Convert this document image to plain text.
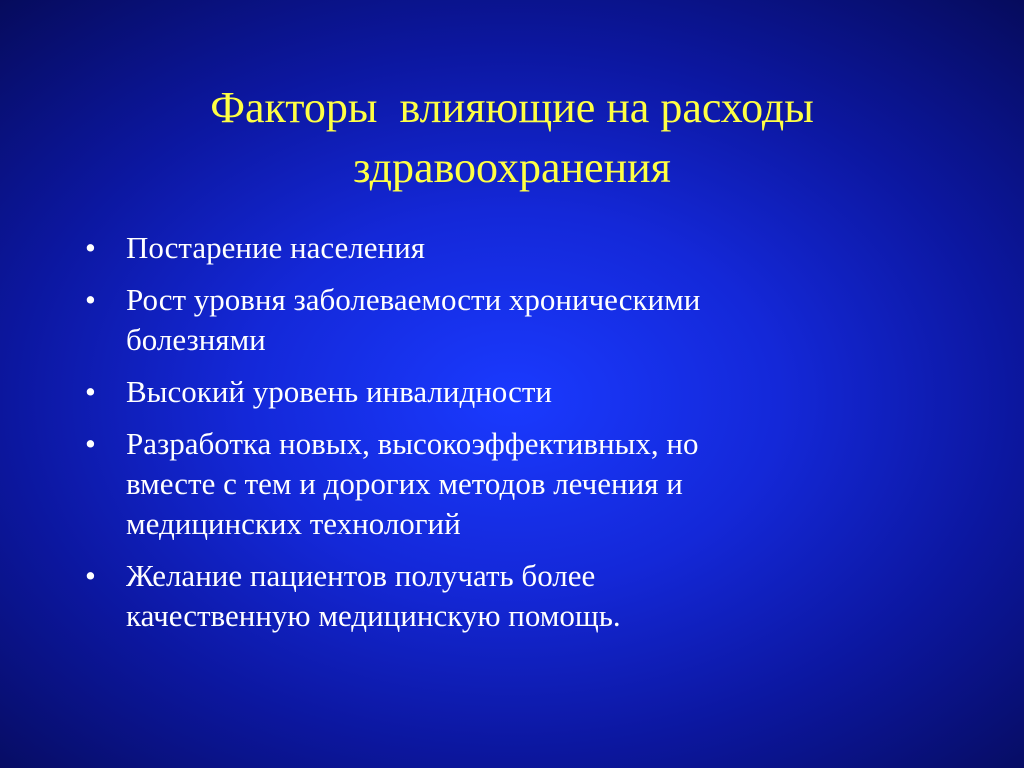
Факторы  влияющие на расходы
здравоохранения
• Постарение населения
• Рост уровня заболеваемости хроническими
болезнями
• Высокий уровень инвалидности
• Разработка новых, высокоэффективных, но
вместе с тем и дорогих методов лечения и
медицинских технологий
• Желание пациентов получать более
качественную медицинскую помощь.
